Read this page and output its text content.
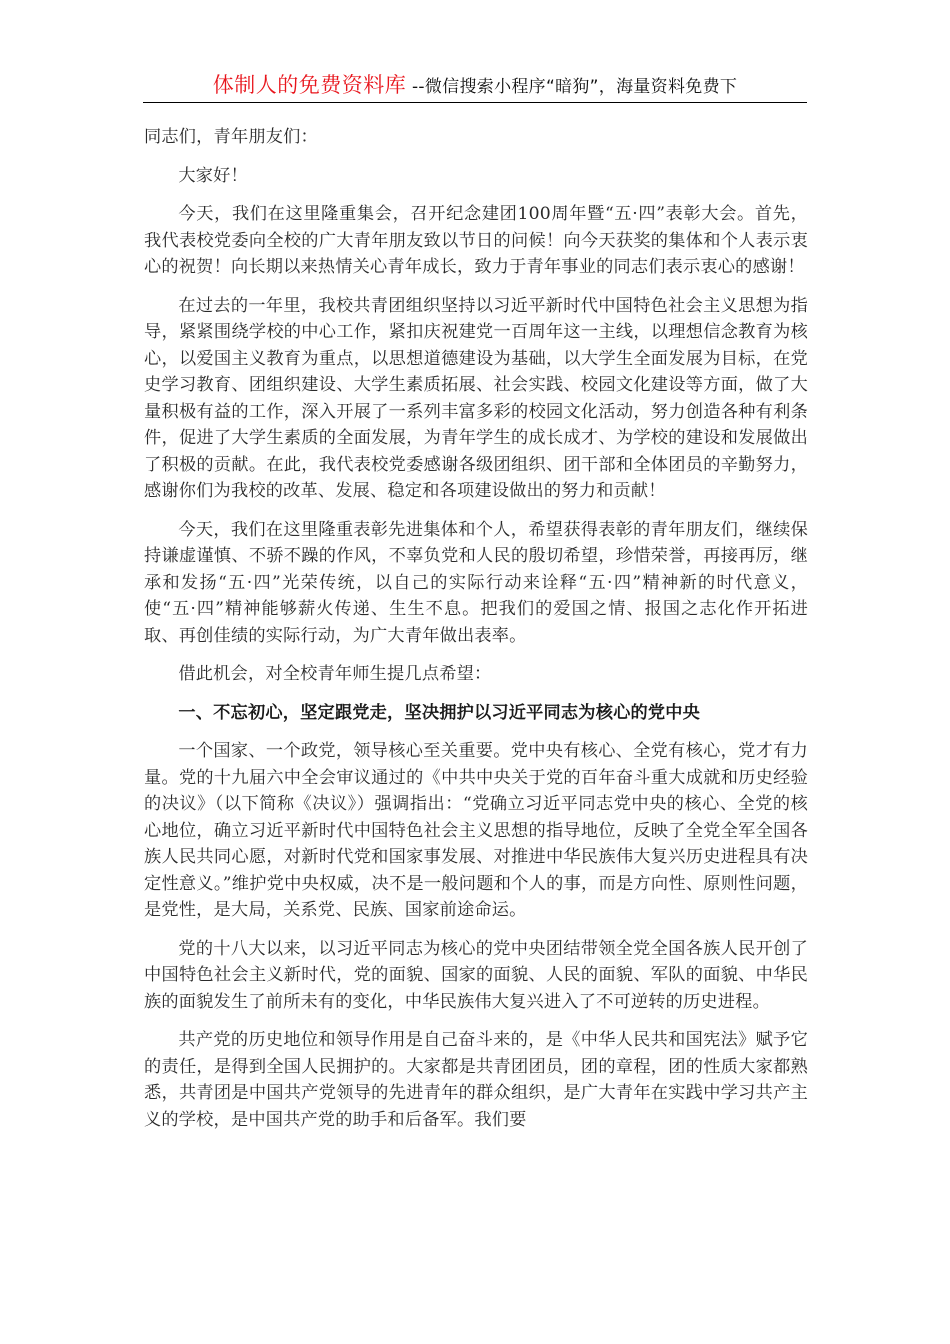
体制人的免费资料库 --微信搜索小程序“暗狗”，海量资料免费下

同志们，青年朋友们：

大家好！

今天，我们在这里隆重集会，召开纪念建团100周年暨“五·四”表彰大会。首先，我代表校党委向全校的广大青年朋友致以节日的问候！向今天获奖的集体和个人表示衷心的祝贺！向长期以来热情关心青年成长，致力于青年事业的同志们表示衷心的感谢！

在过去的一年里，我校共青团组织坚持以习近平新时代中国特色社会主义思想为指导，紧紧围绕学校的中心工作，紧扣庆祝建党一百周年这一主线，以理想信念教育为核心，以爱国主义教育为重点，以思想道德建设为基础，以大学生全面发展为目标，在党史学习教育、团组织建设、大学生素质拓展、社会实践、校园文化建设等方面，做了大量积极有益的工作，深入开展了一系列丰富多彩的校园文化活动，努力创造各种有利条件，促进了大学生素质的全面发展，为青年学生的成长成才、为学校的建设和发展做出了积极的贡献。在此，我代表校党委感谢各级团组织、团干部和全体团员的辛勤努力，感谢你们为我校的改革、发展、稳定和各项建设做出的努力和贡献！

今天，我们在这里隆重表彰先进集体和个人，希望获得表彰的青年朋友们，继续保持谦虚谨慎、不骄不躁的作风，不辜负党和人民的殷切希望，珍惜荣誉，再接再厉，继承和发扬“五·四”光荣传统，以自己的实际行动来诠释“五·四”精神新的时代意义，使“五·四”精神能够薪火传递、生生不息。把我们的爱国之情、报国之志化作开拓进取、再创佳绩的实际行动，为广大青年做出表率。

借此机会，对全校青年师生提几点希望：

一、不忘初心，坚定跟党走，坚决拥护以习近平同志为核心的党中央

一个国家、一个政党，领导核心至关重要。党中央有核心、全党有核心，党才有力量。党的十九届六中全会审议通过的《中共中央关于党的百年奋斗重大成就和历史经验的决议》（以下简称《决议》）强调指出：“党确立习近平同志党中央的核心、全党的核心地位，确立习近平新时代中国特色社会主义思想的指导地位，反映了全党全军全国各族人民共同心愿，对新时代党和国家事发展、对推进中华民族伟大复兴历史进程具有决定性意义。”维护党中央权威，决不是一般问题和个人的事，而是方向性、原则性问题，是党性，是大局，关系党、民族、国家前途命运。

党的十八大以来，以习近平同志为核心的党中央团结带领全党全国各族人民开创了中国特色社会主义新时代，党的面貌、国家的面貌、人民的面貌、军队的面貌、中华民族的面貌发生了前所未有的变化，中华民族伟大复兴进入了不可逆转的历史进程。

共产党的历史地位和领导作用是自己奋斗来的，是《中华人民共和国宪法》赋予它的责任，是得到全国人民拥护的。大家都是共青团团员，团的章程，团的性质大家都熟悉，共青团是中国共产党领导的先进青年的群众组织，是广大青年在实践中学习共产主义的学校，是中国共产党的助手和后备军。我们要
